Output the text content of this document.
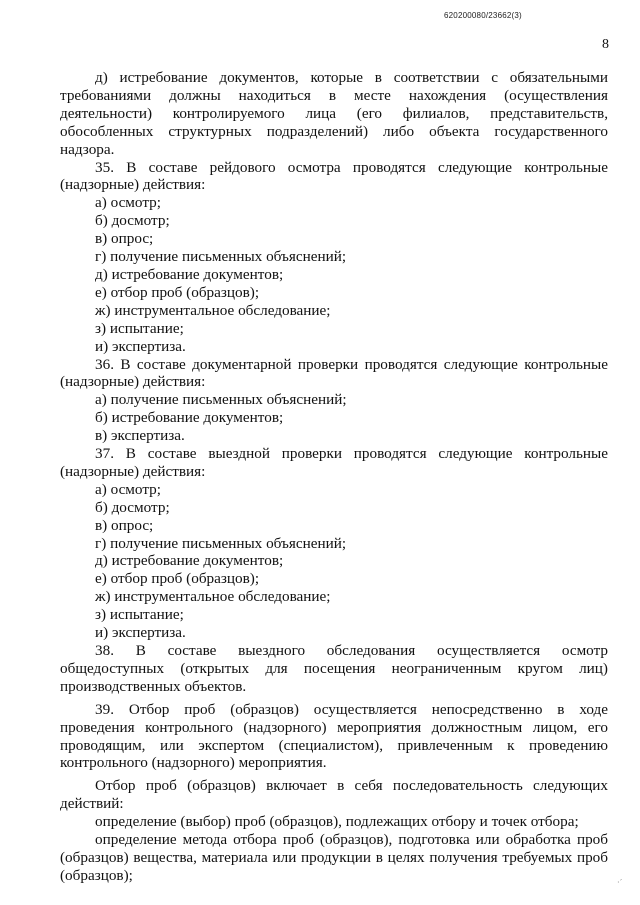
620200080/23662(3)
8

д) истребование документов, которые в соответствии с обязательными требованиями должны находиться в месте нахождения (осуществления деятельности) контролируемого лица (его филиалов, представительств, обособленных структурных подразделений) либо объекта государственного надзора.

35. В составе рейдового осмотра проводятся следующие контрольные (надзорные) действия:

а) осмотр;

б) досмотр;

в) опрос;

г) получение письменных объяснений;

д) истребование документов;

е) отбор проб (образцов);

ж) инструментальное обследование;

з) испытание;

и) экспертиза.

36. В составе документарной проверки проводятся следующие контрольные (надзорные) действия:

а) получение письменных объяснений;

б) истребование документов;

в) экспертиза.

37. В составе выездной проверки проводятся следующие контрольные (надзорные) действия:

а) осмотр;

б) досмотр;

в) опрос;

г) получение письменных объяснений;

д) истребование документов;

е) отбор проб (образцов);

ж) инструментальное обследование;

з) испытание;

и) экспертиза.

38. В составе выездного обследования осуществляется осмотр общедоступных (открытых для посещения неограниченным кругом лиц) производственных объектов.

39. Отбор проб (образцов) осуществляется непосредственно в ходе проведения контрольного (надзорного) мероприятия должностным лицом, его проводящим, или экспертом (специалистом), привлеченным к проведению контрольного (надзорного) мероприятия.

Отбор проб (образцов) включает в себя последовательность следующих действий:

определение (выбор) проб (образцов), подлежащих отбору и точек отбора;

определение метода отбора проб (образцов), подготовка или обработка проб (образцов) вещества, материала или продукции в целях получения требуемых проб (образцов);	·´
